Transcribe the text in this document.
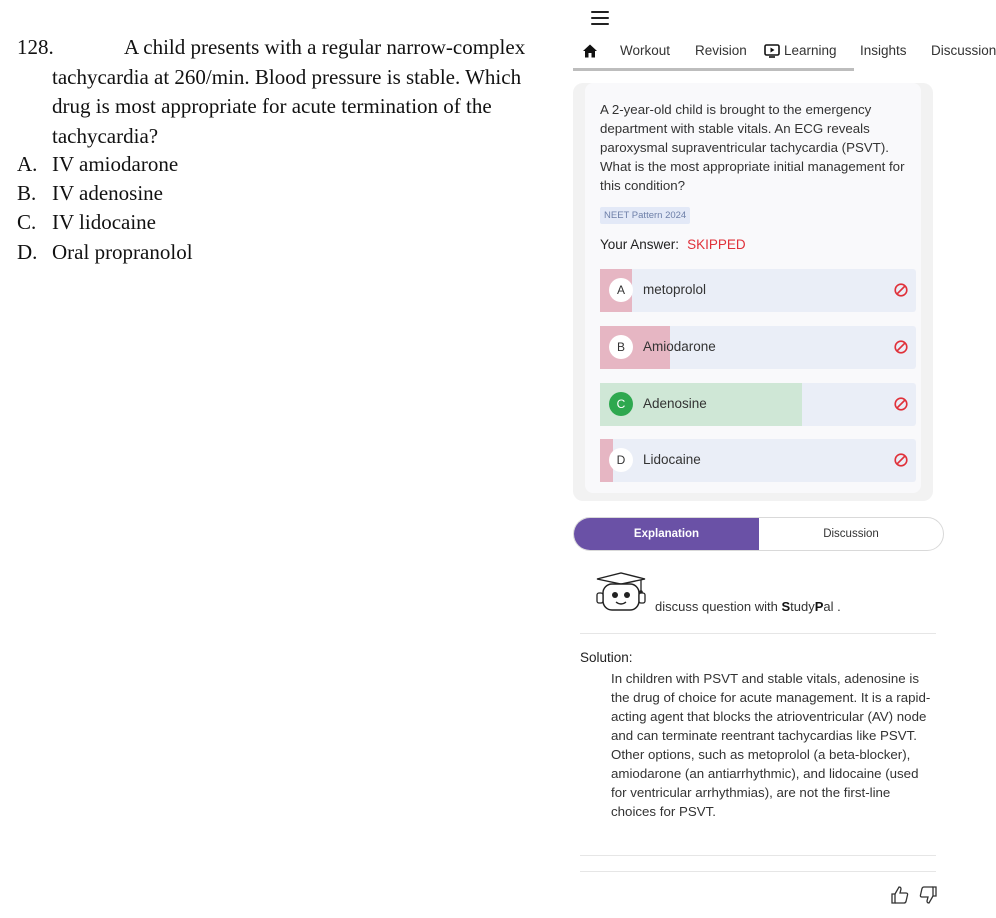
128.	A child presents with a regular narrow-complex tachycardia at 260/min. Blood pressure is stable. Which drug is most appropriate for acute termination of the tachycardia?
A. IV amiodarone
B. IV adenosine
C. IV lidocaine
D. Oral propranolol
Workout Revision	Learning Insights Discussion
A 2-year-old child is brought to the emergency department with stable vitals. An ECG reveals paroxysmal supraventricular tachycardia (PSVT). What is the most appropriate initial management for this condition?
NEET Pattern 2024
Your Answer: SKIPPED
A	metoprolol
B	Amiodarone
C	Adenosine
D	Lidocaine
Explanation	Discussion
discuss question with StudyPal .
Solution:
In children with PSVT and stable vitals, adenosine is the drug of choice for acute management. It is a rapid-acting agent that blocks the atrioventricular (AV) node and can terminate reentrant tachycardias like PSVT. Other options, such as metoprolol (a beta-blocker), amiodarone (an antiarrhythmic), and lidocaine (used for ventricular arrhythmias), are not the first-line choices for PSVT.
